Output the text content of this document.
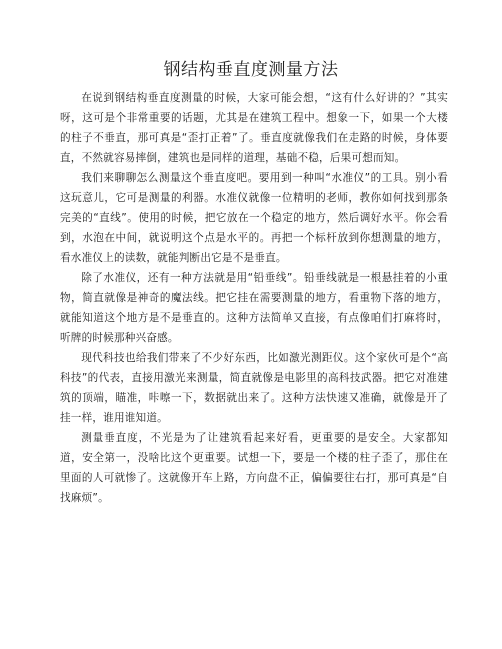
钢结构垂直度测量方法

在说到钢结构垂直度测量的时候，大家可能会想，“这有什么好讲的？”其实呀，这可是个非常重要的话题，尤其是在建筑工程中。想象一下，如果一个大楼的柱子不垂直，那可真是“歪打正着”了。垂直度就像我们在走路的时候，身体要直，不然就容易摔倒，建筑也是同样的道理，基础不稳，后果可想而知。

我们来聊聊怎么测量这个垂直度吧。要用到一种叫“水准仪”的工具。别小看这玩意儿，它可是测量的利器。水准仪就像一位精明的老师，教你如何找到那条完美的“直线”。使用的时候，把它放在一个稳定的地方，然后调好水平。你会看到，水泡在中间，就说明这个点是水平的。再把一个标杆放到你想测量的地方，看水准仪上的读数，就能判断出它是不是垂直。

除了水准仪，还有一种方法就是用“铅垂线”。铅垂线就是一根悬挂着的小重物，简直就像是神奇的魔法线。把它挂在需要测量的地方，看重物下落的地方，就能知道这个地方是不是垂直的。这种方法简单又直接，有点像咱们打麻将时，听牌的时候那种兴奋感。

现代科技也给我们带来了不少好东西，比如激光测距仪。这个家伙可是个“高科技”的代表，直接用激光来测量，简直就像是电影里的高科技武器。把它对准建筑的顶端，瞄准，咔嚓一下，数据就出来了。这种方法快速又准确，就像是开了挂一样，谁用谁知道。

测量垂直度，不光是为了让建筑看起来好看，更重要的是安全。大家都知道，安全第一，没啥比这个更重要。试想一下，要是一个楼的柱子歪了，那住在里面的人可就惨了。这就像开车上路，方向盘不正，偏偏要往右打，那可真是“自找麻烦”。
